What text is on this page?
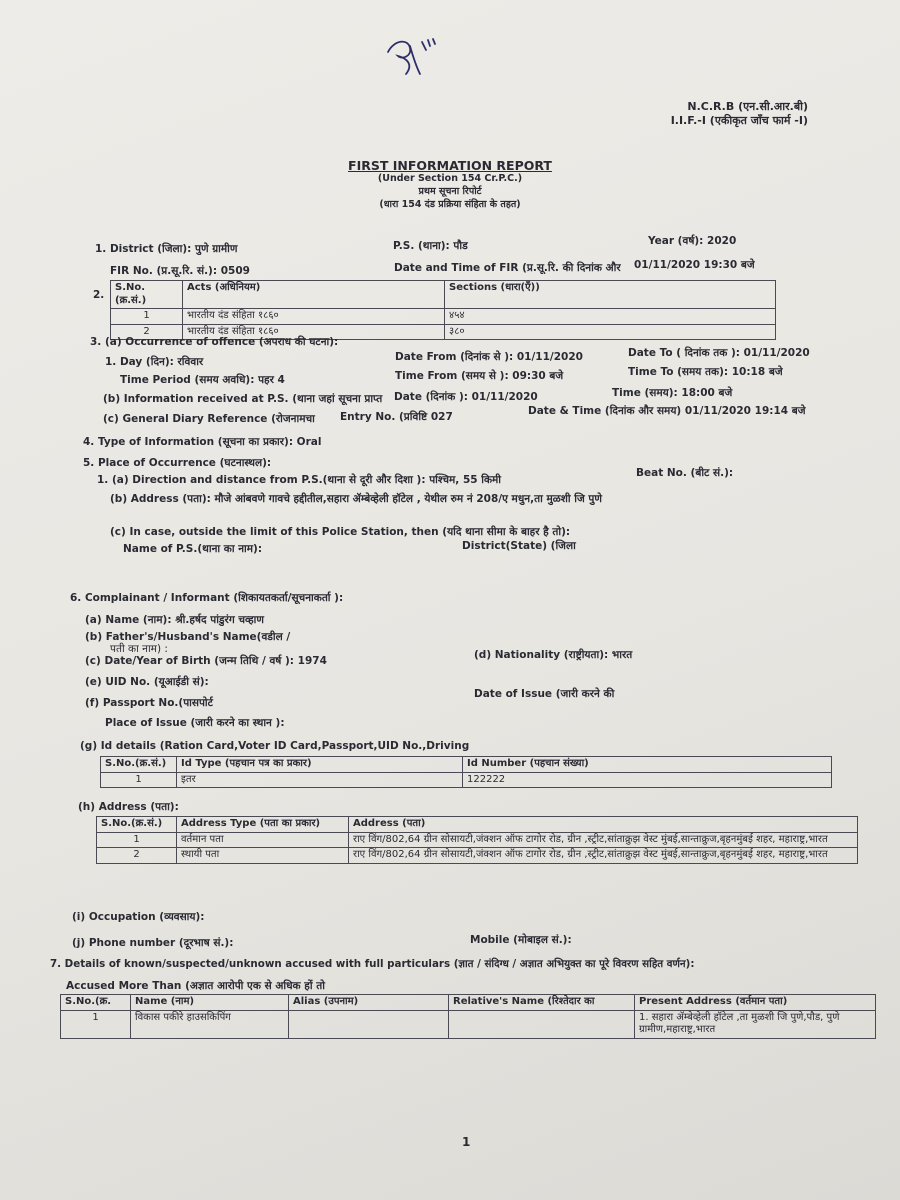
N.C.R.B (एन.सी.आर.बी)
I.I.F.-I (एकीकृत जाँच फार्म -I)
FIRST INFORMATION REPORT
(Under Section 154 Cr.P.C.)
प्रथम सूचना रिपोर्ट
(धारा 154 दंड प्रक्रिया संहिता के तहत)
1. District (जिला): पुणे ग्रामीण	P.S. (थाना): पौड	Year (वर्ष): 2020
FIR No. (प्र.सू.रि. सं.): 0509	Date and Time of FIR (प्र.सू.रि. की दिनांक और 01/11/2020 19:30 बजे
2.
S.No. (क्र.सं.)	Acts (अधिनियम)	Sections (धारा(एँ))
1	भारतीय दंड संहिता १८६०	४५४
2	भारतीय दंड संहिता १८६०	३८०
3. (a) Occurrence of offence (अपराध की घटना):
1. Day (दिन): रविवार	Date From (दिनांक से ): 01/11/2020	Date To ( दिनांक तक ): 01/11/2020
Time Period (समय अवधि): पहर 4	Time From (समय से ): 09:30 बजे	Time To (समय तक): 10:18 बजे
(b) Information received at P.S. (थाना जहां सूचना प्राप्त Date (दिनांक ): 01/11/2020	Time (समय): 18:00 बजे
(c) General Diary Reference (रोजनामचा Entry No. (प्रविष्टि 027	Date & Time (दिनांक और समय) 01/11/2020 19:14 बजे
4. Type of Information (सूचना का प्रकार): Oral
5. Place of Occurrence (घटनास्थल):
1. (a) Direction and distance from P.S.(थाना से दूरी और दिशा ): पश्चिम, 55 किमी
Beat No. (बीट सं.):
(b) Address (पता): मौजे आंबवणे गावचे हद्दीतील,सहारा ॲम्बेव्हेली हॉटेल , येथील रुम नं 208/ए मधुन,ता मुळशी जि पुणे
(c) In case, outside the limit of this Police Station, then (यदि थाना सीमा के बाहर है तो):
Name of P.S.(थाना का नाम):	District(State) (जिला
6. Complainant / Informant (शिकायतकर्ता/सूचनाकर्ता ):
(a) Name (नाम): श्री.हर्षद पांडुरंग चव्हाण
(b) Father's/Husband's Name(वडील /
पती का नाम) :
(c) Date/Year of Birth (जन्म तिथि / वर्ष ): 1974	(d) Nationality (राष्ट्रीयता): भारत
(e) UID No. (यूआईडी सं):
(f) Passport No.(पासपोर्ट
Date of Issue (जारी करने की
Place of Issue (जारी करने का स्थान ):
(g) Id details (Ration Card,Voter ID Card,Passport,UID No.,Driving
S.No.(क्र.सं.)	Id Type (पहचान पत्र का प्रकार)	Id Number (पहचान संख्या)
1	इतर	122222
(h) Address (पता):
S.No.(क्र.सं.)	Address Type (पता का प्रकार)	Address (पता)
1	वर्तमान पता	राए विंग/802,64 ग्रीन सोसायटी,जंक्शन ऑफ टागोर रोड, ग्रीन ,स्ट्रीट,सांताक्रुझ वेस्ट मुंबई,सान्ताक्रुज,बृहनमुंबई शहर, महाराष्ट्र,भारत
2	स्थायी पता	राए विंग/802,64 ग्रीन सोसायटी,जंक्शन ऑफ टागोर रोड, ग्रीन ,स्ट्रीट,सांताक्रुझ वेस्ट मुंबई,सान्ताक्रुज,बृहनमुंबई शहर, महाराष्ट्र,भारत
(i) Occupation (व्यवसाय):
(j) Phone number (दूरभाष सं.):	Mobile (मोबाइल सं.):
7. Details of known/suspected/unknown accused with full particulars (ज्ञात / संदिग्ध / अज्ञात अभियुक्त का पूरे विवरण सहित वर्णन):
Accused More Than (अज्ञात आरोपी एक से अधिक हों तो
S.No.(क्र.	Name (नाम)	Alias (उपनाम)	Relative's Name (रिश्तेदार का	Present Address (वर्तमान पता)
1	विकास पकीरे हाउसकिपिंग			1. सहारा ॲम्बेव्हेली हॉटेल ,ता मुळशी जि पुणे,पौड, पुणे ग्रामीण,महाराष्ट्र,भारत
1
